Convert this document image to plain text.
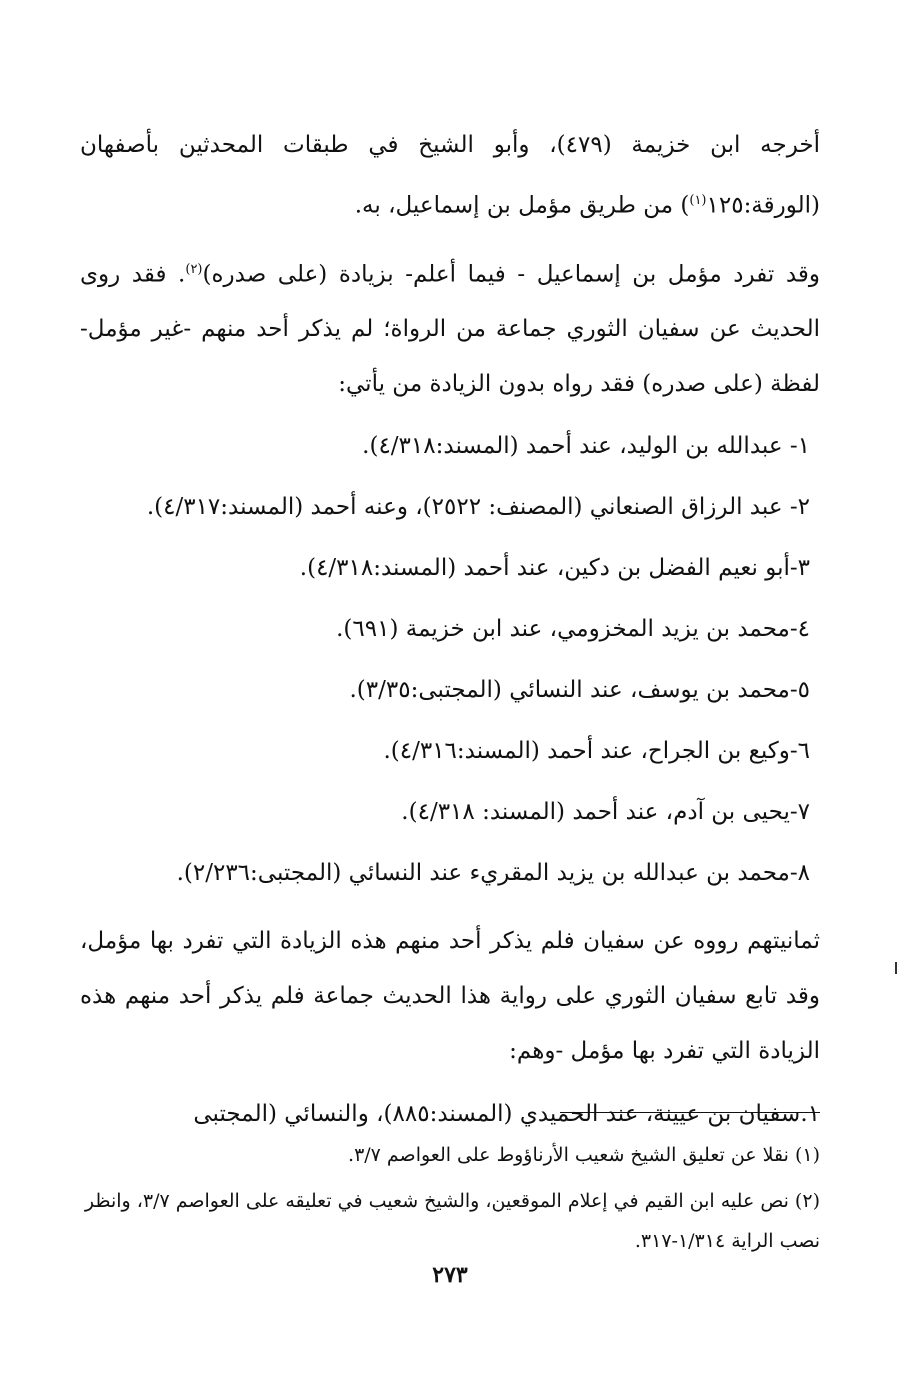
أخرجه ابن خزيمة (٤٧٩)، وأبو الشيخ في طبقات المحدثين بأصفهان (الورقة:١٢٥$^{(١)}$) من طريق مؤمل بن إسماعيل، به.

وقد تفرد مؤمل بن إسماعيل - فيما أعلم- بزيادة (على صدره)$^{(٢)}$. فقد روى الحديث عن سفيان الثوري جماعة من الرواة؛ لم يذكر أحد منهم -غير مؤمل- لفظة (على صدره) فقد رواه بدون الزيادة من يأتي:

١- عبدالله بن الوليد، عند أحمد (المسند:٤/٣١٨).
٢- عبد الرزاق الصنعاني (المصنف: ٢٥٢٢)، وعنه أحمد (المسند:٤/٣١٧).
٣-أبو نعيم الفضل بن دكين، عند أحمد (المسند:٤/٣١٨).
٤-محمد بن يزيد المخزومي، عند ابن خزيمة (٦٩١).
٥-محمد بن يوسف، عند النسائي (المجتبى:٣/٣٥).
٦-وكيع بن الجراح، عند أحمد (المسند:٤/٣١٦).
٧-يحيى بن آدم، عند أحمد (المسند: ٤/٣١٨).
٨-محمد بن عبدالله بن يزيد المقريء عند النسائي (المجتبى:٢/٢٣٦).

ثمانيتهم رووه عن سفيان فلم يذكر أحد منهم هذه الزيادة التي تفرد بها مؤمل، وقد تابع سفيان الثوري على رواية هذا الحديث جماعة فلم يذكر أحد منهم هذه الزيادة التي تفرد بها مؤمل -وهم:

١.سفيان بن عيينة، عند الحميدي (المسند:٨٨٥)، والنسائي (المجتبى

(١) نقلا عن تعليق الشيخ شعيب الأرناؤوط على العواصم ٣/٧.

(٢) نص عليه ابن القيم في إعلام الموقعين، والشيخ شعيب في تعليقه على العواصم ٣/٧، وانظر نصب الراية ١/٣١٤-٣١٧.

٢٧٣
